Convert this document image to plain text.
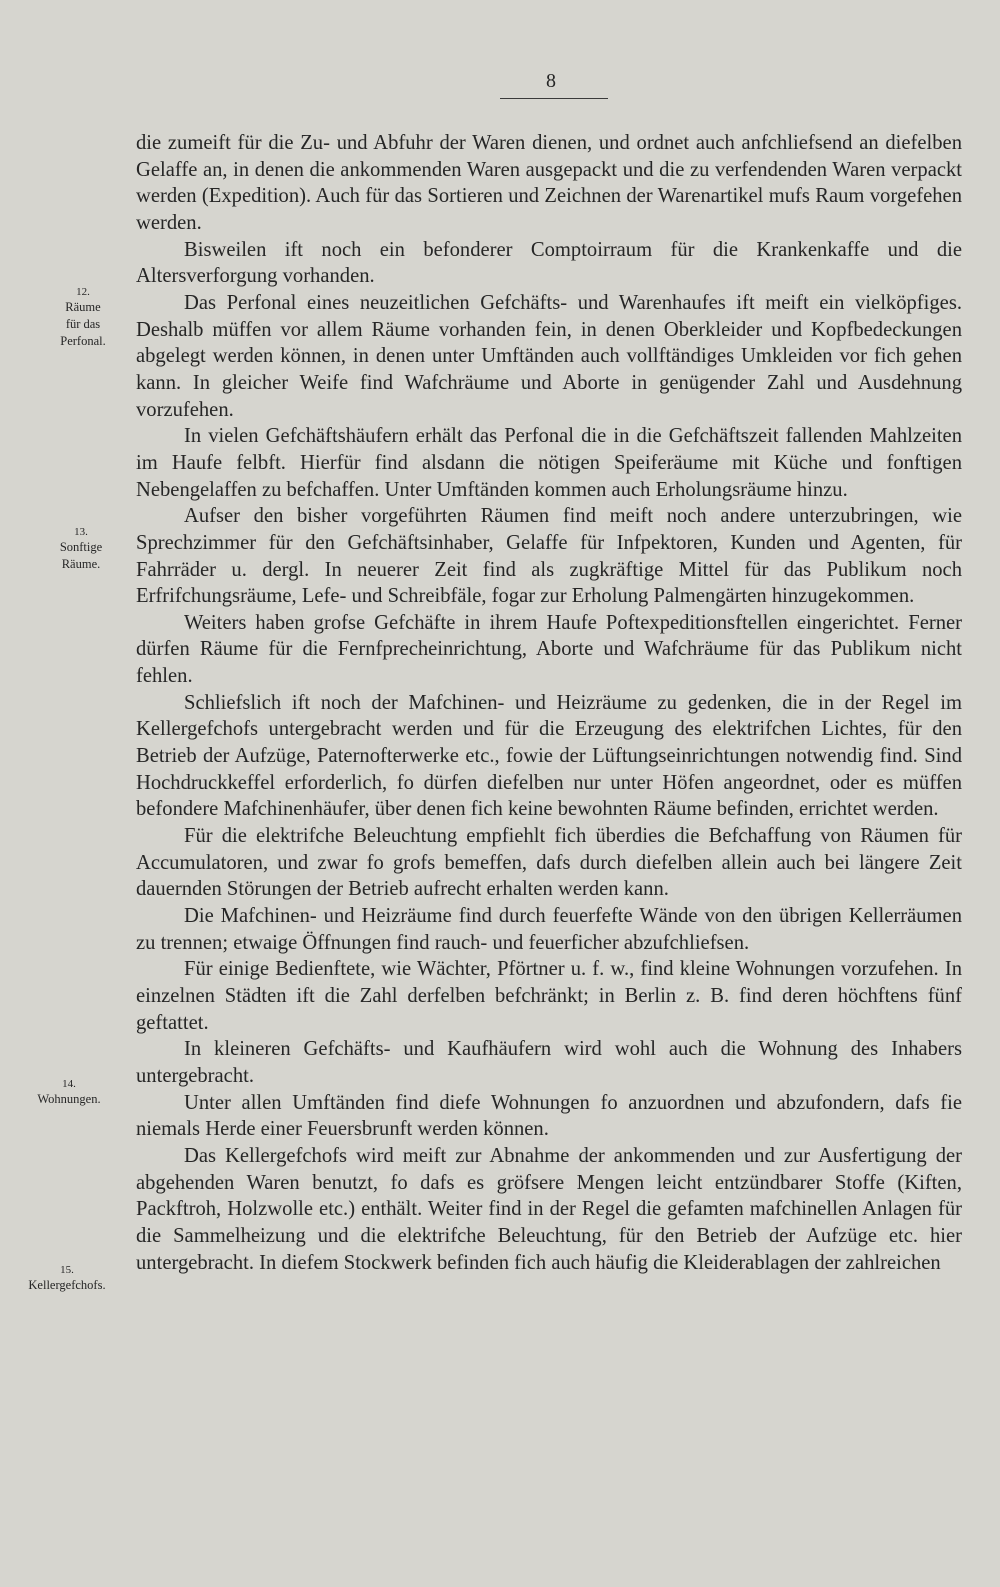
8
12.
Räume
für das
Perfonal.
13.
Sonftige
Räume.
14.
Wohnungen.
15.
Kellergefchofs.

die zumeift für die Zu- und Abfuhr der Waren dienen, und ordnet auch anfchliefsend an diefelben Gelaffe an, in denen die ankommenden Waren ausgepackt und die zu verfendenden Waren verpackt werden (Expedition). Auch für das Sortieren und Zeichnen der Warenartikel mufs Raum vorgefehen werden.

Bisweilen ift noch ein befonderer Comptoirraum für die Krankenkaffe und die Altersverforgung vorhanden.

Das Perfonal eines neuzeitlichen Gefchäfts- und Warenhaufes ift meift ein vielköpfiges. Deshalb müffen vor allem Räume vorhanden fein, in denen Oberkleider und Kopfbedeckungen abgelegt werden können, in denen unter Umftänden auch vollftändiges Umkleiden vor fich gehen kann. In gleicher Weife find Wafchräume und Aborte in genügender Zahl und Ausdehnung vorzufehen.

In vielen Gefchäftshäufern erhält das Perfonal die in die Gefchäftszeit fallenden Mahlzeiten im Haufe felbft. Hierfür find alsdann die nötigen Speiferäume mit Küche und fonftigen Nebengelaffen zu befchaffen. Unter Umftänden kommen auch Erholungsräume hinzu.

Aufser den bisher vorgeführten Räumen find meift noch andere unterzubringen, wie Sprechzimmer für den Gefchäftsinhaber, Gelaffe für Infpektoren, Kunden und Agenten, für Fahrräder u. dergl. In neuerer Zeit find als zugkräftige Mittel für das Publikum noch Erfrifchungsräume, Lefe- und Schreibfäle, fogar zur Erholung Palmengärten hinzugekommen.

Weiters haben grofse Gefchäfte in ihrem Haufe Poftexpeditionsftellen eingerichtet. Ferner dürfen Räume für die Fernfprecheinrichtung, Aborte und Wafchräume für das Publikum nicht fehlen.

Schliefslich ift noch der Mafchinen- und Heizräume zu gedenken, die in der Regel im Kellergefchofs untergebracht werden und für die Erzeugung des elektrifchen Lichtes, für den Betrieb der Aufzüge, Paternofterwerke etc., fowie der Lüftungseinrichtungen notwendig find. Sind Hochdruckkeffel erforderlich, fo dürfen diefelben nur unter Höfen angeordnet, oder es müffen befondere Mafchinenhäufer, über denen fich keine bewohnten Räume befinden, errichtet werden.

Für die elektrifche Beleuchtung empfiehlt fich überdies die Befchaffung von Räumen für Accumulatoren, und zwar fo grofs bemeffen, dafs durch diefelben allein auch bei längere Zeit dauernden Störungen der Betrieb aufrecht erhalten werden kann.

Die Mafchinen- und Heizräume find durch feuerfefte Wände von den übrigen Kellerräumen zu trennen; etwaige Öffnungen find rauch- und feuerficher abzufchliefsen.

Für einige Bedienftete, wie Wächter, Pförtner u. f. w., find kleine Wohnungen vorzufehen. In einzelnen Städten ift die Zahl derfelben befchränkt; in Berlin z. B. find deren höchftens fünf geftattet.

In kleineren Gefchäfts- und Kaufhäufern wird wohl auch die Wohnung des Inhabers untergebracht.

Unter allen Umftänden find diefe Wohnungen fo anzuordnen und abzufondern, dafs fie niemals Herde einer Feuersbrunft werden können.

Das Kellergefchofs wird meift zur Abnahme der ankommenden und zur Ausfertigung der abgehenden Waren benutzt, fo dafs es gröfsere Mengen leicht entzündbarer Stoffe (Kiften, Packftroh, Holzwolle etc.) enthält. Weiter find in der Regel die gefamten mafchinellen Anlagen für die Sammelheizung und die elektrifche Beleuchtung, für den Betrieb der Aufzüge etc. hier untergebracht. In diefem Stockwerk befinden fich auch häufig die Kleiderablagen der zahlreichen
